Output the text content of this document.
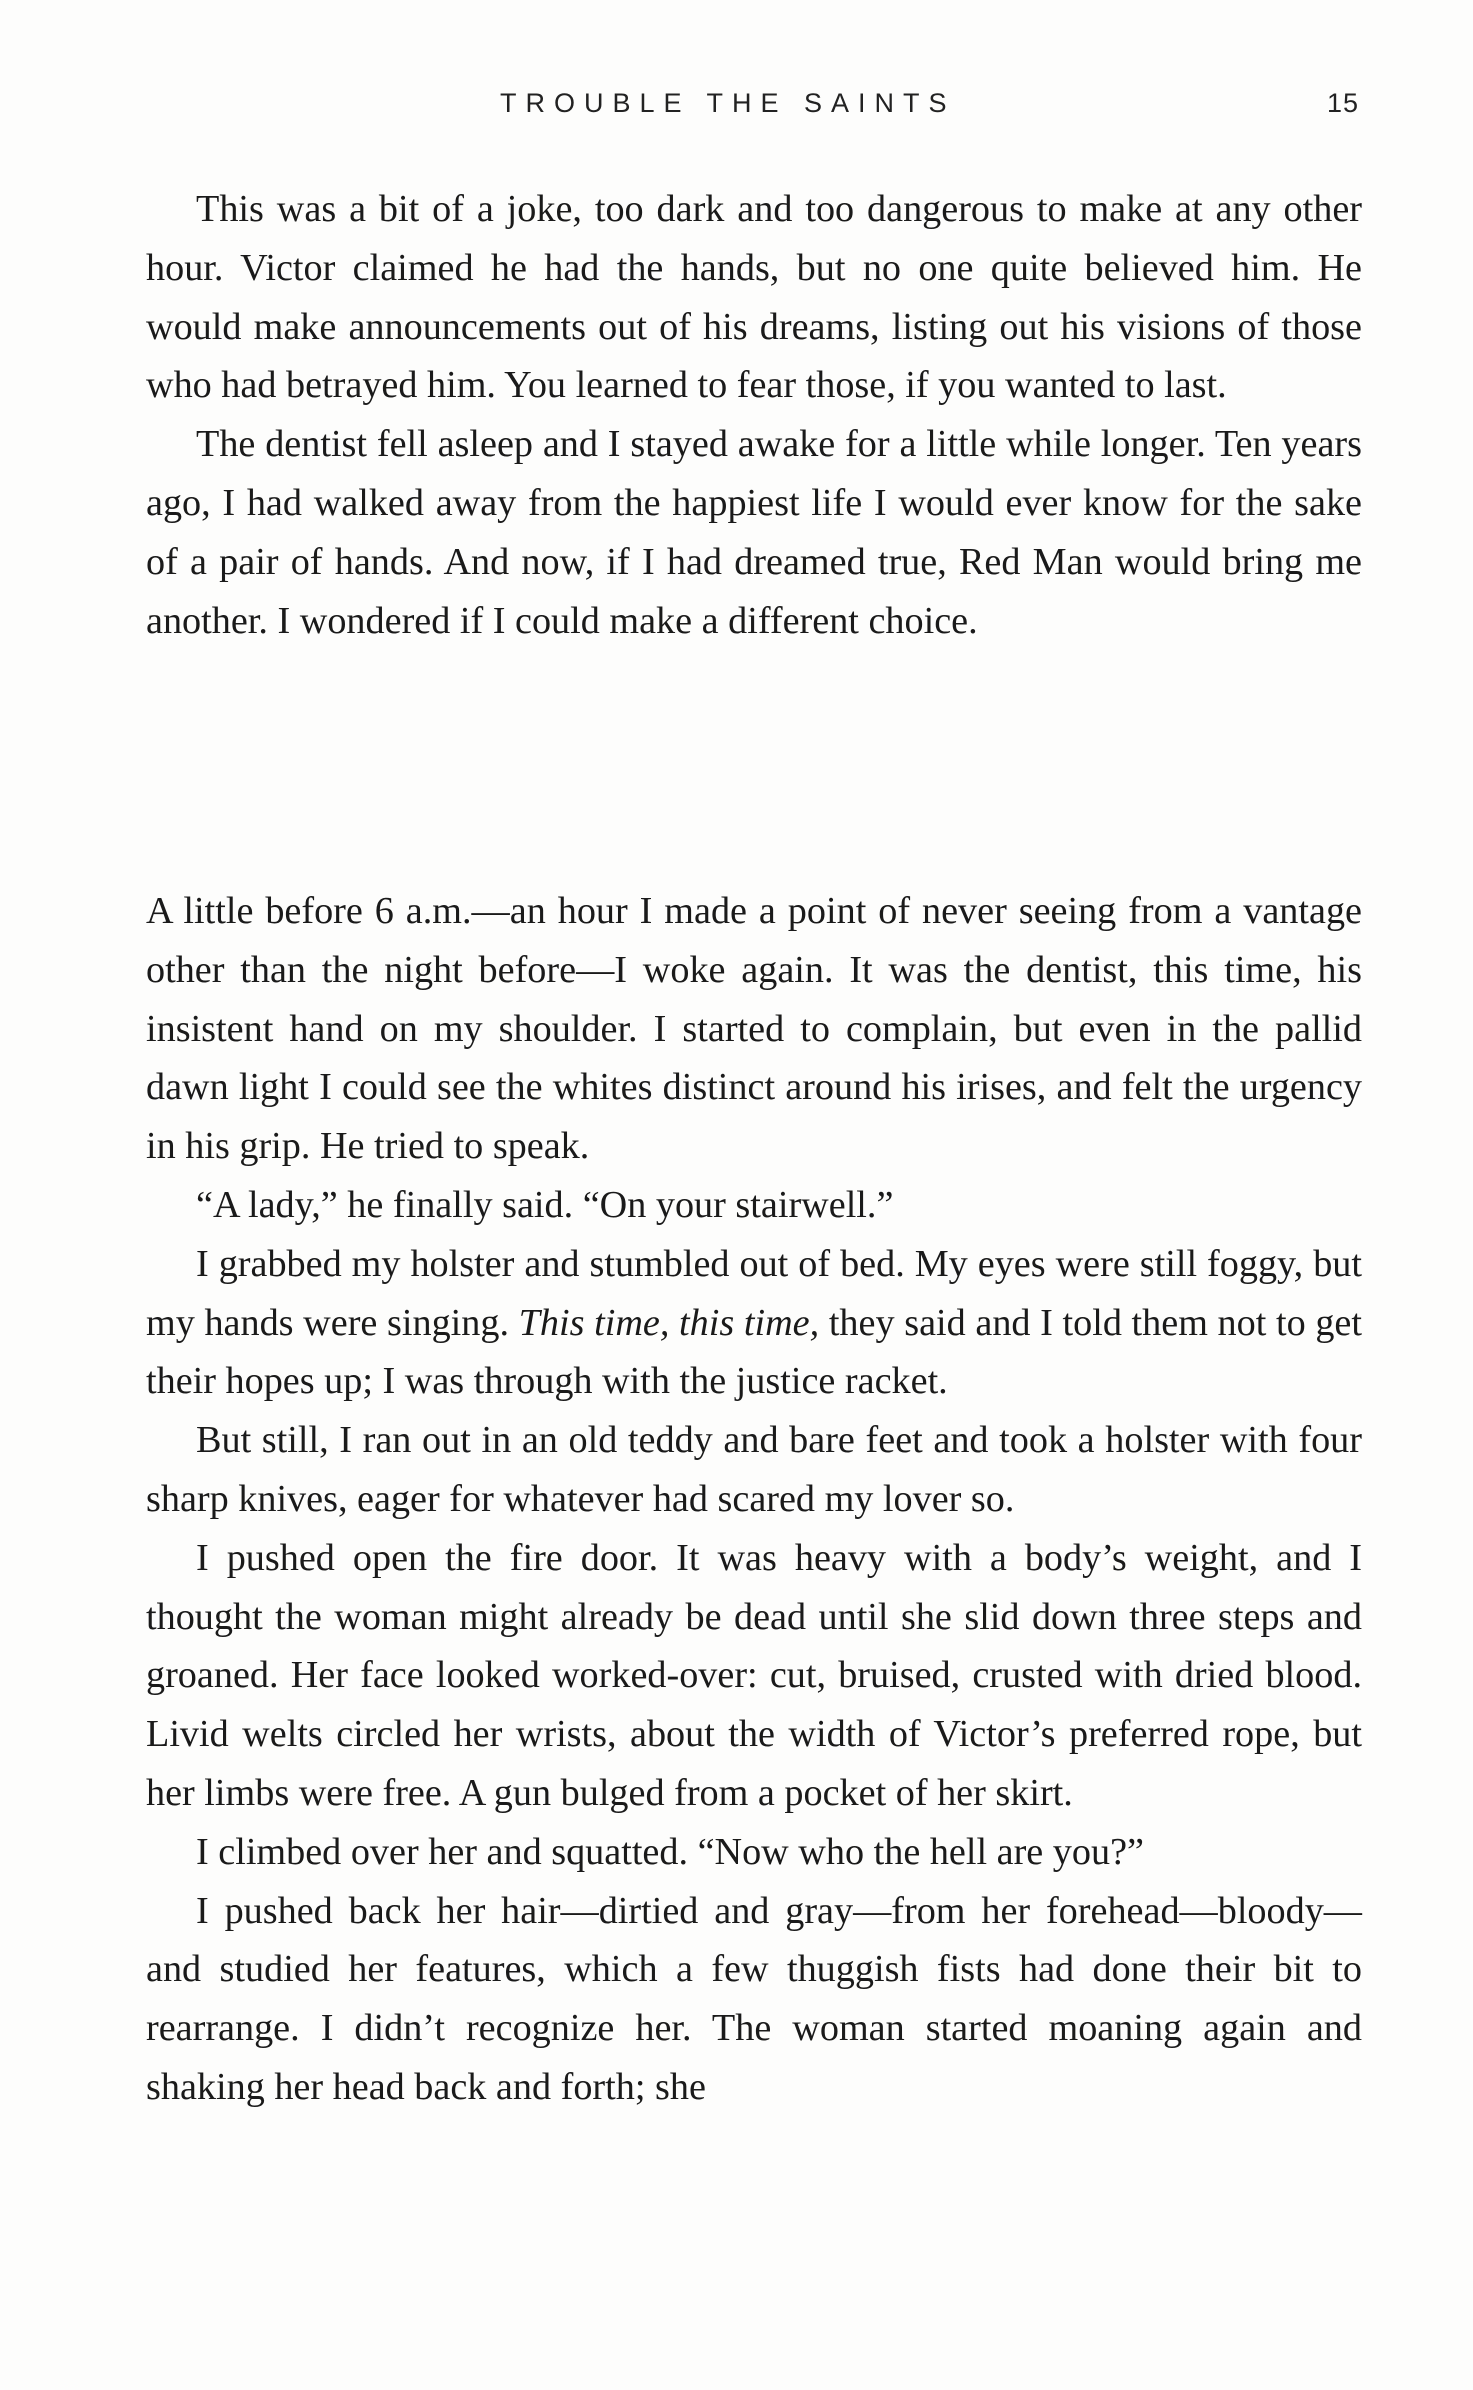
TROUBLE THE SAINTS	15

This was a bit of a joke, too dark and too dangerous to make at any other hour. Victor claimed he had the hands, but no one quite believed him. He would make announcements out of his dreams, listing out his visions of those who had betrayed him. You learned to fear those, if you wanted to last.

The dentist fell asleep and I stayed awake for a little while longer. Ten years ago, I had walked away from the happiest life I would ever know for the sake of a pair of hands. And now, if I had dreamed true, Red Man would bring me another. I wondered if I could make a different choice.

A little before 6 a.m.—an hour I made a point of never seeing from a vantage other than the night before—I woke again. It was the dentist, this time, his insistent hand on my shoulder. I started to complain, but even in the pallid dawn light I could see the whites distinct around his irises, and felt the urgency in his grip. He tried to speak.

“A lady,” he finally said. “On your stairwell.”

I grabbed my holster and stumbled out of bed. My eyes were still foggy, but my hands were singing. This time, this time, they said and I told them not to get their hopes up; I was through with the justice racket.

But still, I ran out in an old teddy and bare feet and took a holster with four sharp knives, eager for whatever had scared my lover so.

I pushed open the fire door. It was heavy with a body’s weight, and I thought the woman might already be dead until she slid down three steps and groaned. Her face looked worked-over: cut, bruised, crusted with dried blood. Livid welts circled her wrists, about the width of Victor’s preferred rope, but her limbs were free. A gun bulged from a pocket of her skirt.

I climbed over her and squatted. “Now who the hell are you?”

I pushed back her hair—dirtied and gray—from her forehead—bloody—and studied her features, which a few thuggish fists had done their bit to rearrange. I didn’t recognize her. The woman started moaning again and shaking her head back and forth; she
